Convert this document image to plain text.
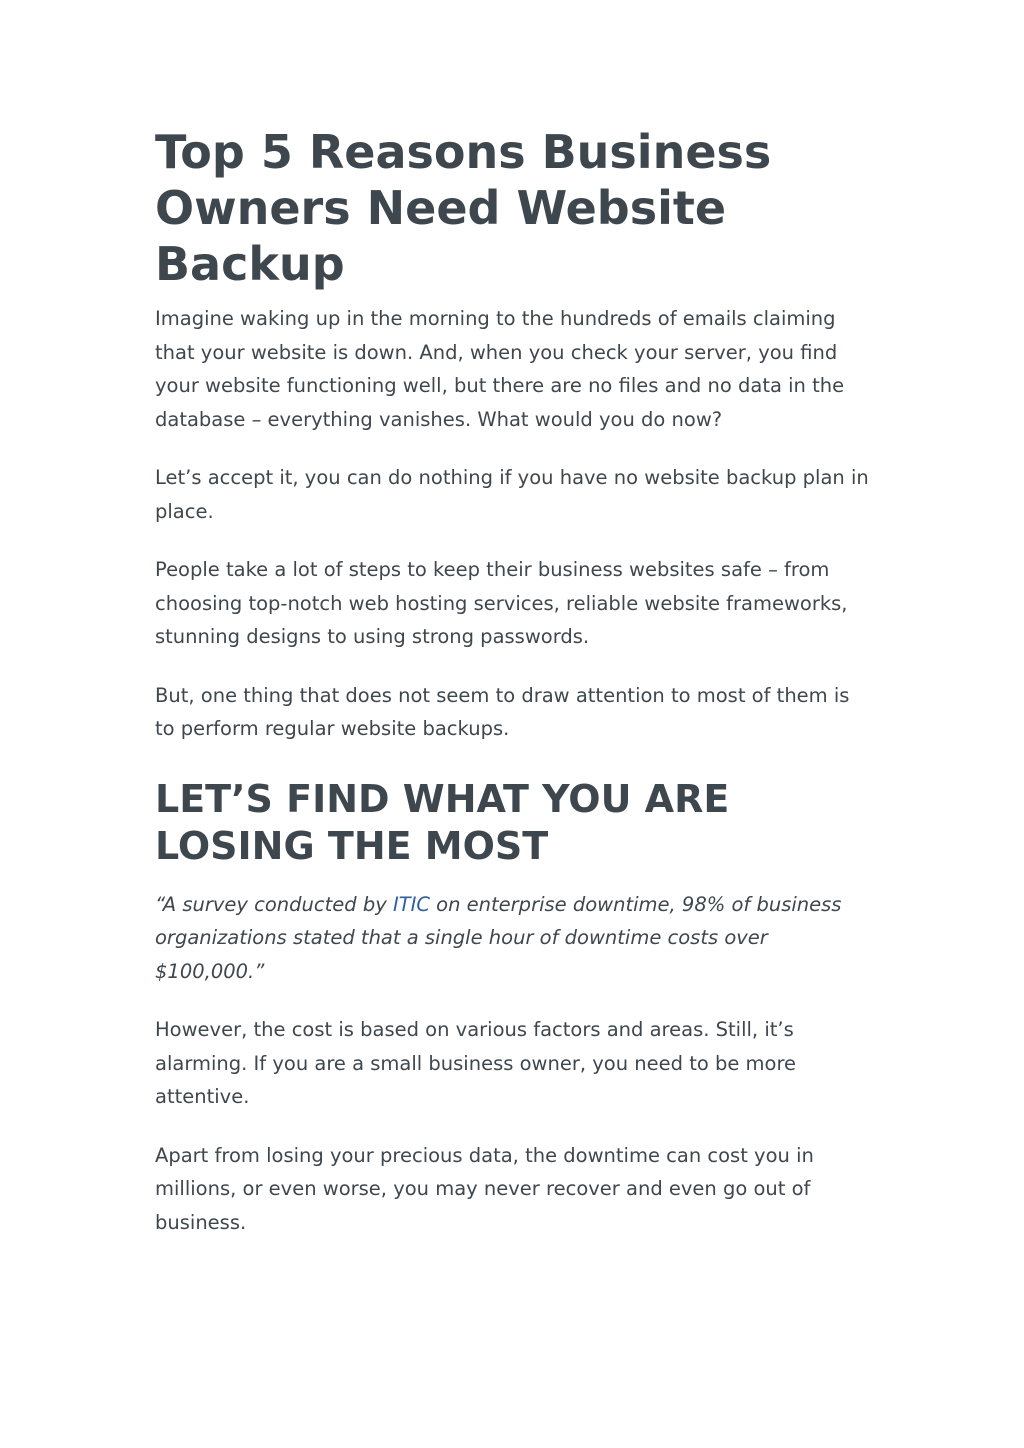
Top 5 Reasons Business Owners Need Website Backup

Imagine waking up in the morning to the hundreds of emails claiming that your website is down. And, when you check your server, you find your website functioning well, but there are no files and no data in the database – everything vanishes. What would you do now?

Let’s accept it, you can do nothing if you have no website backup plan in place.

People take a lot of steps to keep their business websites safe – from choosing top-notch web hosting services, reliable website frameworks, stunning designs to using strong passwords.

But, one thing that does not seem to draw attention to most of them is to perform regular website backups.

LET’S FIND WHAT YOU ARE LOSING THE MOST

“A survey conducted by ITIC on enterprise downtime, 98% of business organizations stated that a single hour of downtime costs over $100,000.”

However, the cost is based on various factors and areas. Still, it’s alarming. If you are a small business owner, you need to be more attentive.

Apart from losing your precious data, the downtime can cost you in millions, or even worse, you may never recover and even go out of business.
